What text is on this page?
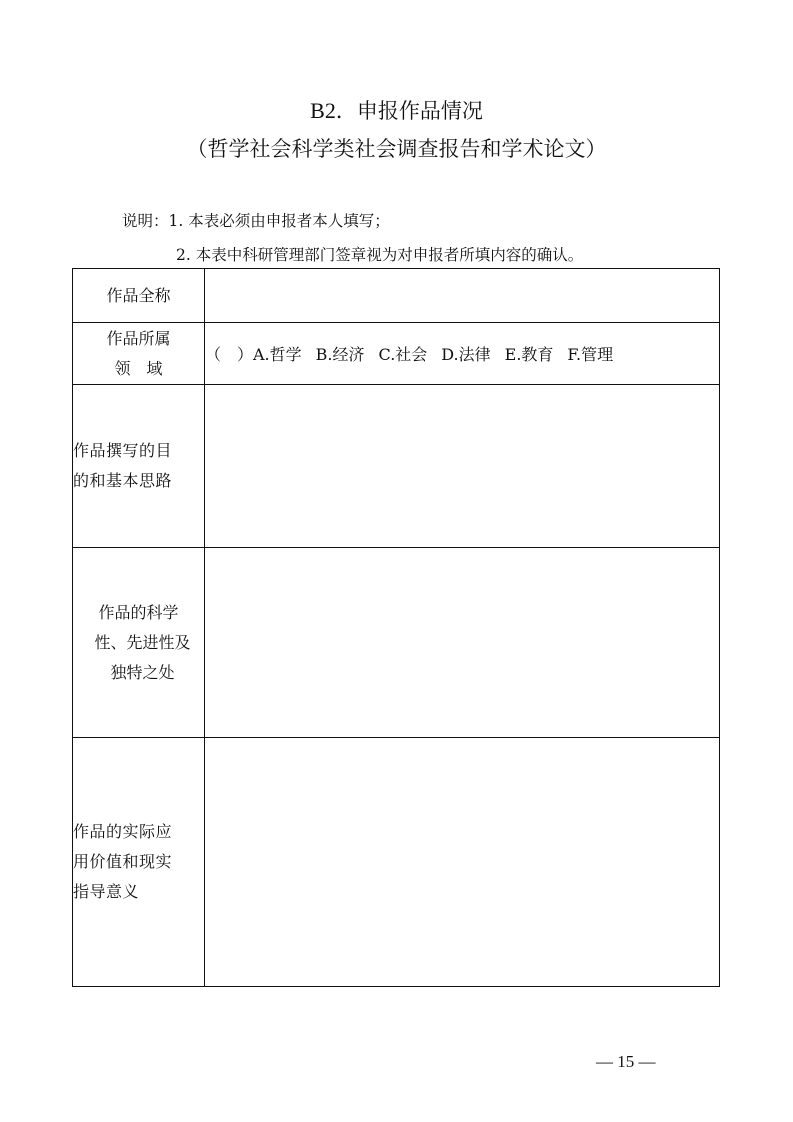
B2．申报作品情况
（哲学社会科学类社会调查报告和学术论文）
说明：1. 本表必须由申报者本人填写；
2. 本表中科研管理部门签章视为对申报者所填内容的确认。
作品全称	

作品所属
领　域	（　）A.哲学 B.经济 C.社会 D.法律 E.教育 F.管理

作品撰写的目
的和基本思路	

作品的科学
性、先进性及
独特之处	

作品的实际应
用价值和现实
指导意义	

— 15 —
